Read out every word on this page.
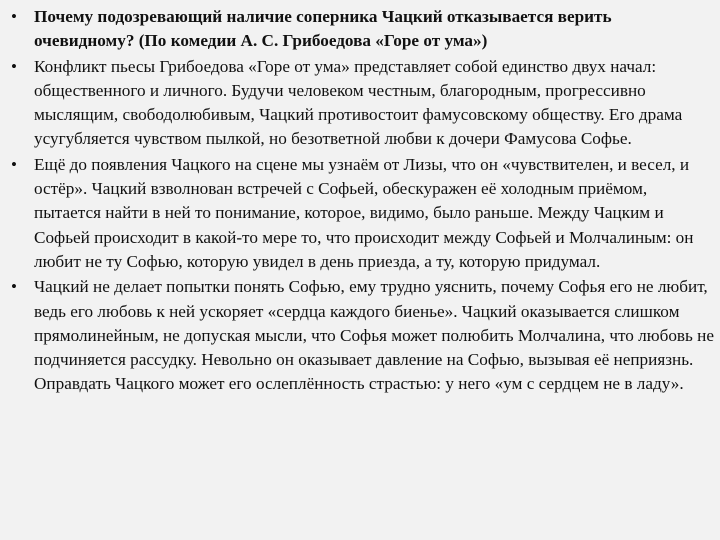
• Почему подозревающий наличие соперника Чацкий отказывается верить очевидному? (По комедии А. С. Грибоедова «Горе от ума»)
• Конфликт пьесы Грибоедова «Горе от ума» представляет собой единство двух начал: общественного и личного. Будучи человеком честным, благородным, прогрессивно мыслящим, свободолюбивым, Чацкий противостоит фамусовскому обществу. Его драма усугубляется чувством пылкой, но безответной любви к дочери Фамусова Софье.
• Ещё до появления Чацкого на сцене мы узнаём от Лизы, что он «чувствителен, и весел, и остёр». Чацкий взволнован встречей с Софьей, обескуражен её холодным приёмом, пытается найти в ней то понимание, которое, видимо, было раньше. Между Чацким и Софьей происходит в какой-то мере то, что происходит между Софьей и Молчалиным: он любит не ту Софью, которую увидел в день приезда, а ту, которую придумал.
• Чацкий не делает попытки понять Софью, ему трудно уяснить, почему Софья его не любит, ведь его любовь к ней ускоряет «сердца каждого биенье». Чацкий оказывается слишком прямолинейным, не допуская мысли, что Софья может полюбить Молчалина, что любовь не подчиняется рассудку. Невольно он оказывает давление на Софью, вызывая её неприязнь. Оправдать Чацкого может его ослеплённость страстью: у него «ум с сердцем не в ладу».
